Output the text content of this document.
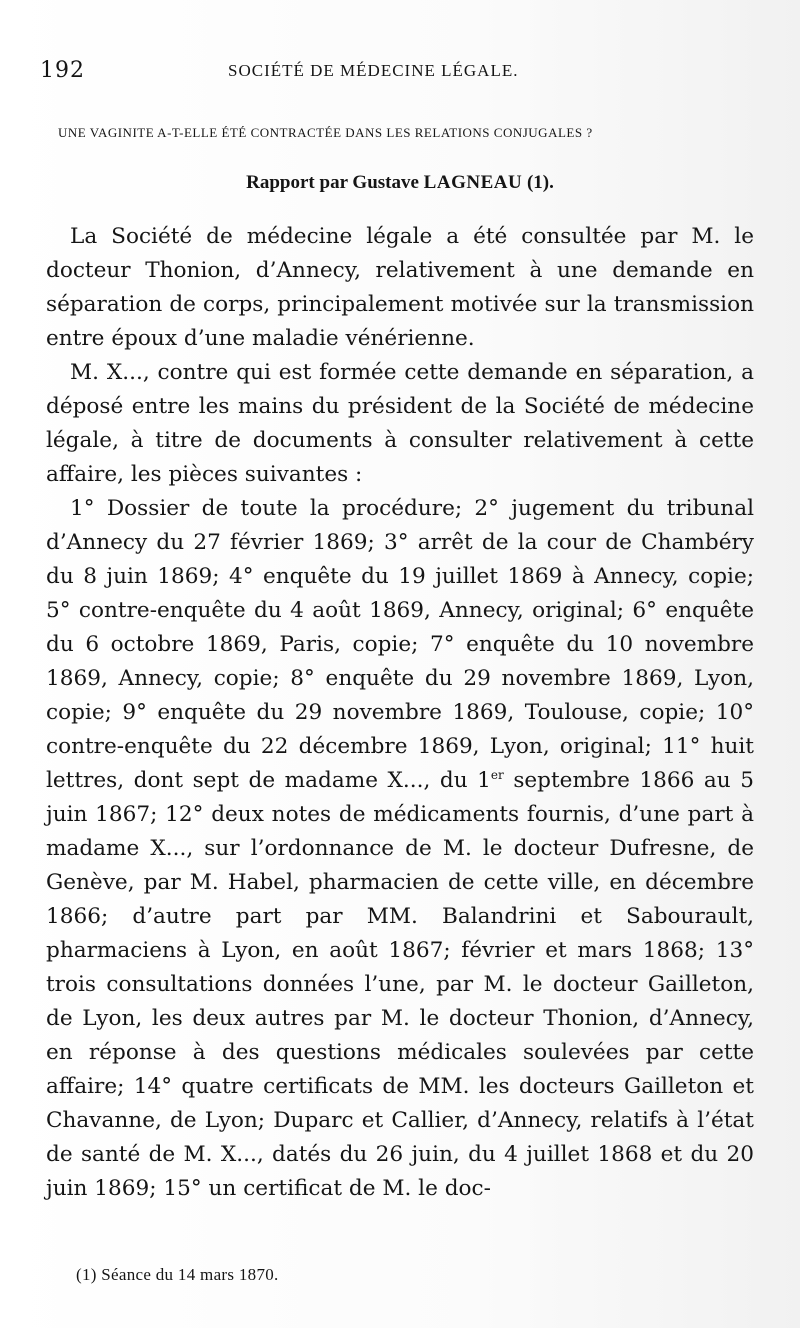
192	SOCIÉTÉ DE MÉDECINE LÉGALE.
UNE VAGINITE A-T-ELLE ÉTÉ CONTRACTÉE DANS LES RELATIONS CONJUGALES ?
Rapport par Gustave LAGNEAU (1).

La Société de médecine légale a été consultée par M. le docteur Thonion, d’Annecy, relativement à une demande en séparation de corps, principalement motivée sur la transmission entre époux d’une maladie vénérienne.

M. X..., contre qui est formée cette demande en séparation, a déposé entre les mains du président de la Société de médecine légale, à titre de documents à consulter relativement à cette affaire, les pièces suivantes :

1° Dossier de toute la procédure; 2° jugement du tribunal d’Annecy du 27 février 1869; 3° arrêt de la cour de Chambéry du 8 juin 1869; 4° enquête du 19 juillet 1869 à Annecy, copie; 5° contre-enquête du 4 août 1869, Annecy, original; 6° enquête du 6 octobre 1869, Paris, copie; 7° enquête du 10 novembre 1869, Annecy, copie; 8° enquête du 29 novembre 1869, Lyon, copie; 9° enquête du 29 novembre 1869, Toulouse, copie; 10° contre-enquête du 22 décembre 1869, Lyon, original; 11° huit lettres, dont sept de madame X..., du 1er septembre 1866 au 5 juin 1867; 12° deux notes de médicaments fournis, d’une part à madame X..., sur l’ordonnance de M. le docteur Dufresne, de Genève, par M. Habel, pharmacien de cette ville, en décembre 1866; d’autre part par MM. Balandrini et Sabourault, pharmaciens à Lyon, en août 1867; février et mars 1868; 13° trois consultations données l’une, par M. le docteur Gailleton, de Lyon, les deux autres par M. le docteur Thonion, d’Annecy, en réponse à des questions médicales soulevées par cette affaire; 14° quatre certificats de MM. les docteurs Gailleton et Chavanne, de Lyon; Duparc et Callier, d’Annecy, relatifs à l’état de santé de M. X..., datés du 26 juin, du 4 juillet 1868 et du 20 juin 1869; 15° un certificat de M. le doc-

(1) Séance du 14 mars 1870.
